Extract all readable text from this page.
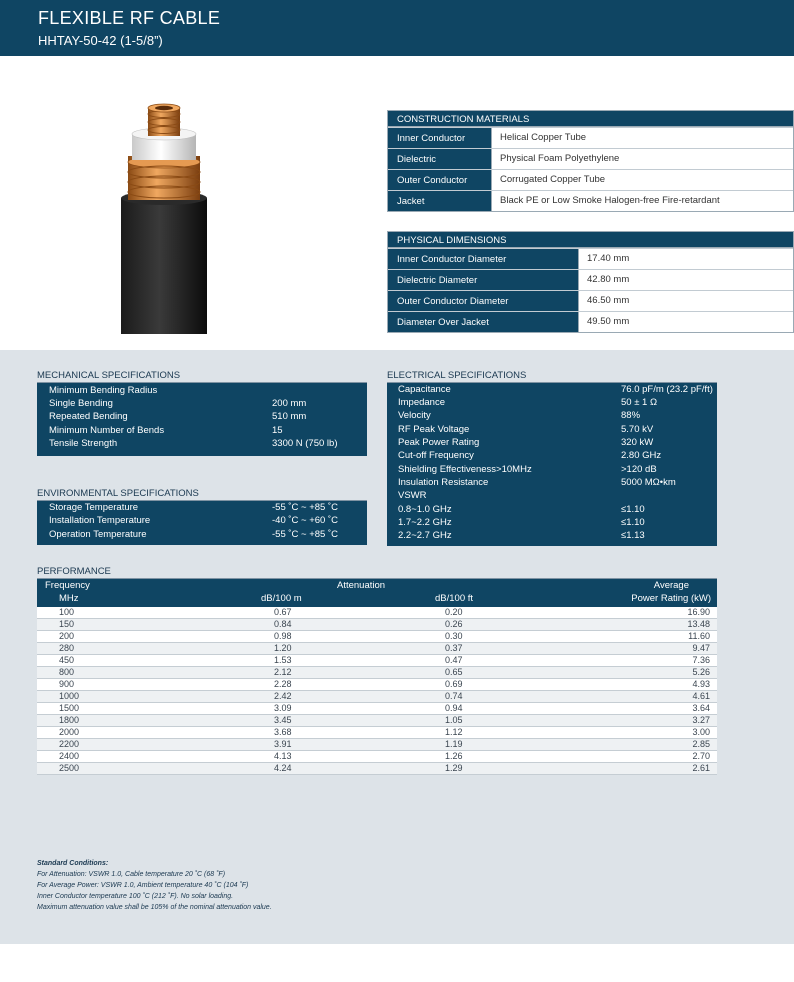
FLEXIBLE RF CABLE
HHTAY-50-42 (1-5/8”)
CONSTRUCTION MATERIALS
Inner Conductor	Helical Copper Tube
Dielectric	Physical Foam Polyethylene
Outer Conductor	Corrugated Copper Tube
Jacket	Black PE or Low Smoke Halogen-free Fire-retardant
PHYSICAL DIMENSIONS
Inner Conductor Diameter	17.40 mm
Dielectric Diameter	42.80 mm
Outer Conductor Diameter	46.50 mm
Diameter Over Jacket	49.50 mm
MECHANICAL SPECIFICATIONS
Minimum Bending Radius
Single Bending	200 mm
Repeated Bending	510 mm
Minimum Number of Bends	15
Tensile Strength	3300 N (750 lb)
ENVIRONMENTAL SPECIFICATIONS
Storage Temperature	-55 ˚C ~ +85 ˚C
Installation Temperature	-40 ˚C ~ +60 ˚C
Operation Temperature	-55 ˚C ~ +85 ˚C
ELECTRICAL SPECIFICATIONS
Capacitance	76.0 pF/m (23.2 pF/ft)
Impedance	50 ± 1 Ω
Velocity	88%
RF Peak Voltage	5.70 kV
Peak Power Rating	320 kW
Cut-off Frequency	2.80 GHz
Shielding Effectiveness>10MHz	>120 dB
Insulation Resistance	5000 MΩ•km
VSWR
0.8~1.0 GHz	≤1.10
1.7~2.2 GHz	≤1.10
2.2~2.7 GHz	≤1.13
PERFORMANCE
Frequency
MHz
Attenuation
dB/100 m	dB/100 ft
Average
Power Rating (kW)
100	0.67	0.20	16.90
150	0.84	0.26	13.48
200	0.98	0.30	11.60
280	1.20	0.37	9.47
450	1.53	0.47	7.36
800	2.12	0.65	5.26
900	2.28	0.69	4.93
1000	2.42	0.74	4.61
1500	3.09	0.94	3.64
1800	3.45	1.05	3.27
2000	3.68	1.12	3.00
2200	3.91	1.19	2.85
2400	4.13	1.26	2.70
2500	4.24	1.29	2.61
Standard Conditions:
For Attenuation: VSWR 1.0, Cable temperature 20 ˚C (68 ˚F)
For Average Power: VSWR 1.0, Ambient temperature 40 ˚C (104 ˚F)
Inner Conductor temperature 100 ˚C (212 ˚F). No solar loading.
Maximum attenuation value shall be 105% of the nominal attenuation value.
